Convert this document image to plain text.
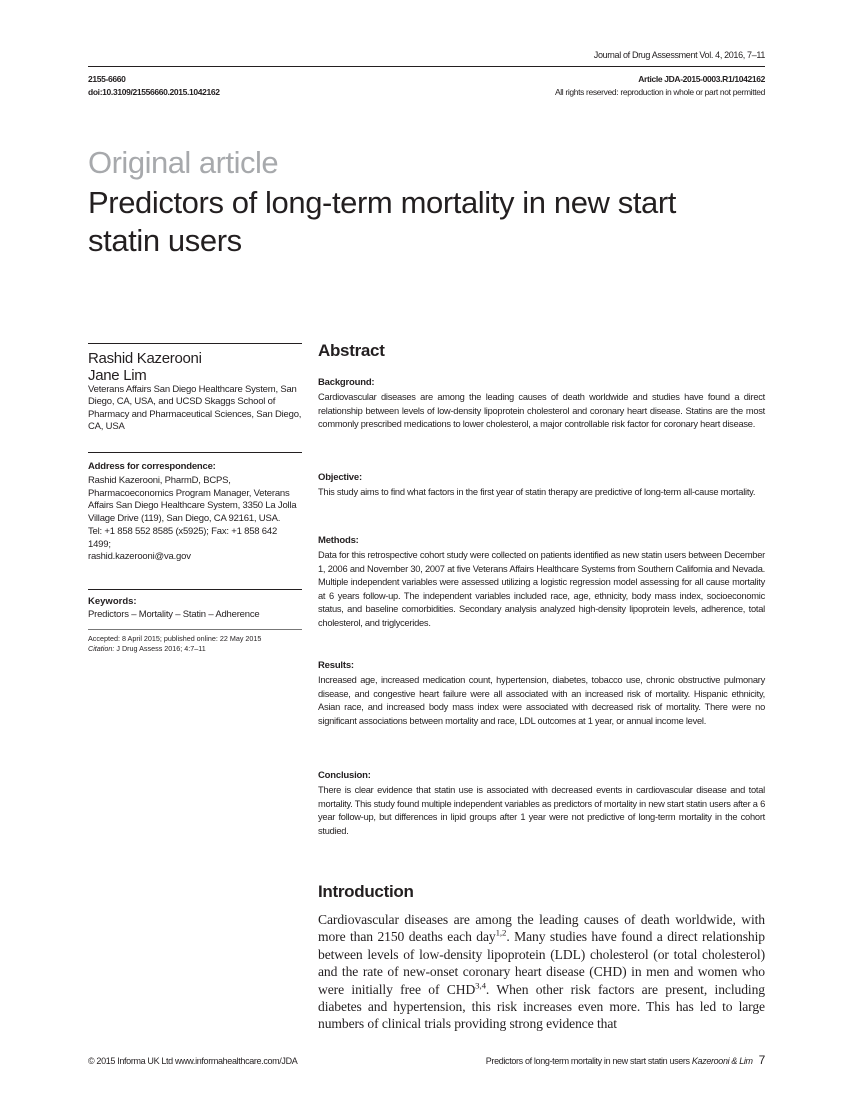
Journal of Drug Assessment Vol. 4, 2016, 7–11
2155-6660
doi:10.3109/21556660.2015.1042162
Article JDA-2015-0003.R1/1042162
All rights reserved: reproduction in whole or part not permitted
Original article
Predictors of long-term mortality in new start statin users
Rashid Kazerooni
Jane Lim
Veterans Affairs San Diego Healthcare System, San Diego, CA, USA, and UCSD Skaggs School of Pharmacy and Pharmaceutical Sciences, San Diego, CA, USA
Address for correspondence:
Rashid Kazerooni, PharmD, BCPS,
Pharmacoeconomics Program Manager, Veterans
Affairs San Diego Healthcare System, 3350 La Jolla
Village Drive (119), San Diego, CA 92161, USA.
Tel: +1 858 552 8585 (x5925); Fax: +1 858 642
1499;
rashid.kazerooni@va.gov
Keywords:
Predictors – Mortality – Statin – Adherence
Accepted: 8 April 2015; published online: 22 May 2015
Citation: J Drug Assess 2016; 4:7–11
Abstract
Background:
Cardiovascular diseases are among the leading causes of death worldwide and studies have found a direct relationship between levels of low-density lipoprotein cholesterol and coronary heart disease. Statins are the most commonly prescribed medications to lower cholesterol, a major controllable risk factor for coronary heart disease.
Objective:
This study aims to find what factors in the first year of statin therapy are predictive of long-term all-cause mortality.
Methods:
Data for this retrospective cohort study were collected on patients identified as new statin users between December 1, 2006 and November 30, 2007 at five Veterans Affairs Healthcare Systems from Southern California and Nevada. Multiple independent variables were assessed utilizing a logistic regression model assessing for all cause mortality at 6 years follow-up. The independent variables included race, age, ethnicity, body mass index, socioeconomic status, and baseline comorbidities. Secondary analysis analyzed high-density lipoprotein levels, adherence, total cholesterol, and triglycerides.
Results:
Increased age, increased medication count, hypertension, diabetes, tobacco use, chronic obstructive pulmonary disease, and congestive heart failure were all associated with an increased risk of mortality. Hispanic ethnicity, Asian race, and increased body mass index were associated with decreased risk of mortality. There were no significant associations between mortality and race, LDL outcomes at 1 year, or annual income level.
Conclusion:
There is clear evidence that statin use is associated with decreased events in cardiovascular disease and total mortality. This study found multiple independent variables as predictors of mortality in new start statin users after a 6 year follow-up, but differences in lipid groups after 1 year were not predictive of long-term mortality in the cohort studied.
Introduction
Cardiovascular diseases are among the leading causes of death worldwide, with more than 2150 deaths each day$^{1,2}$. Many studies have found a direct relationship between levels of low-density lipoprotein (LDL) cholesterol (or total cholesterol) and the rate of new-onset coronary heart disease (CHD) in men and women who were initially free of CHD$^{3,4}$. When other risk factors are present, including diabetes and hypertension, this risk increases even more. This has led to large numbers of clinical trials providing strong evidence that
© 2015 Informa UK Ltd www.informahealthcare.com/JDA	Predictors of long-term mortality in new start statin users Kazerooni & Lim 7
